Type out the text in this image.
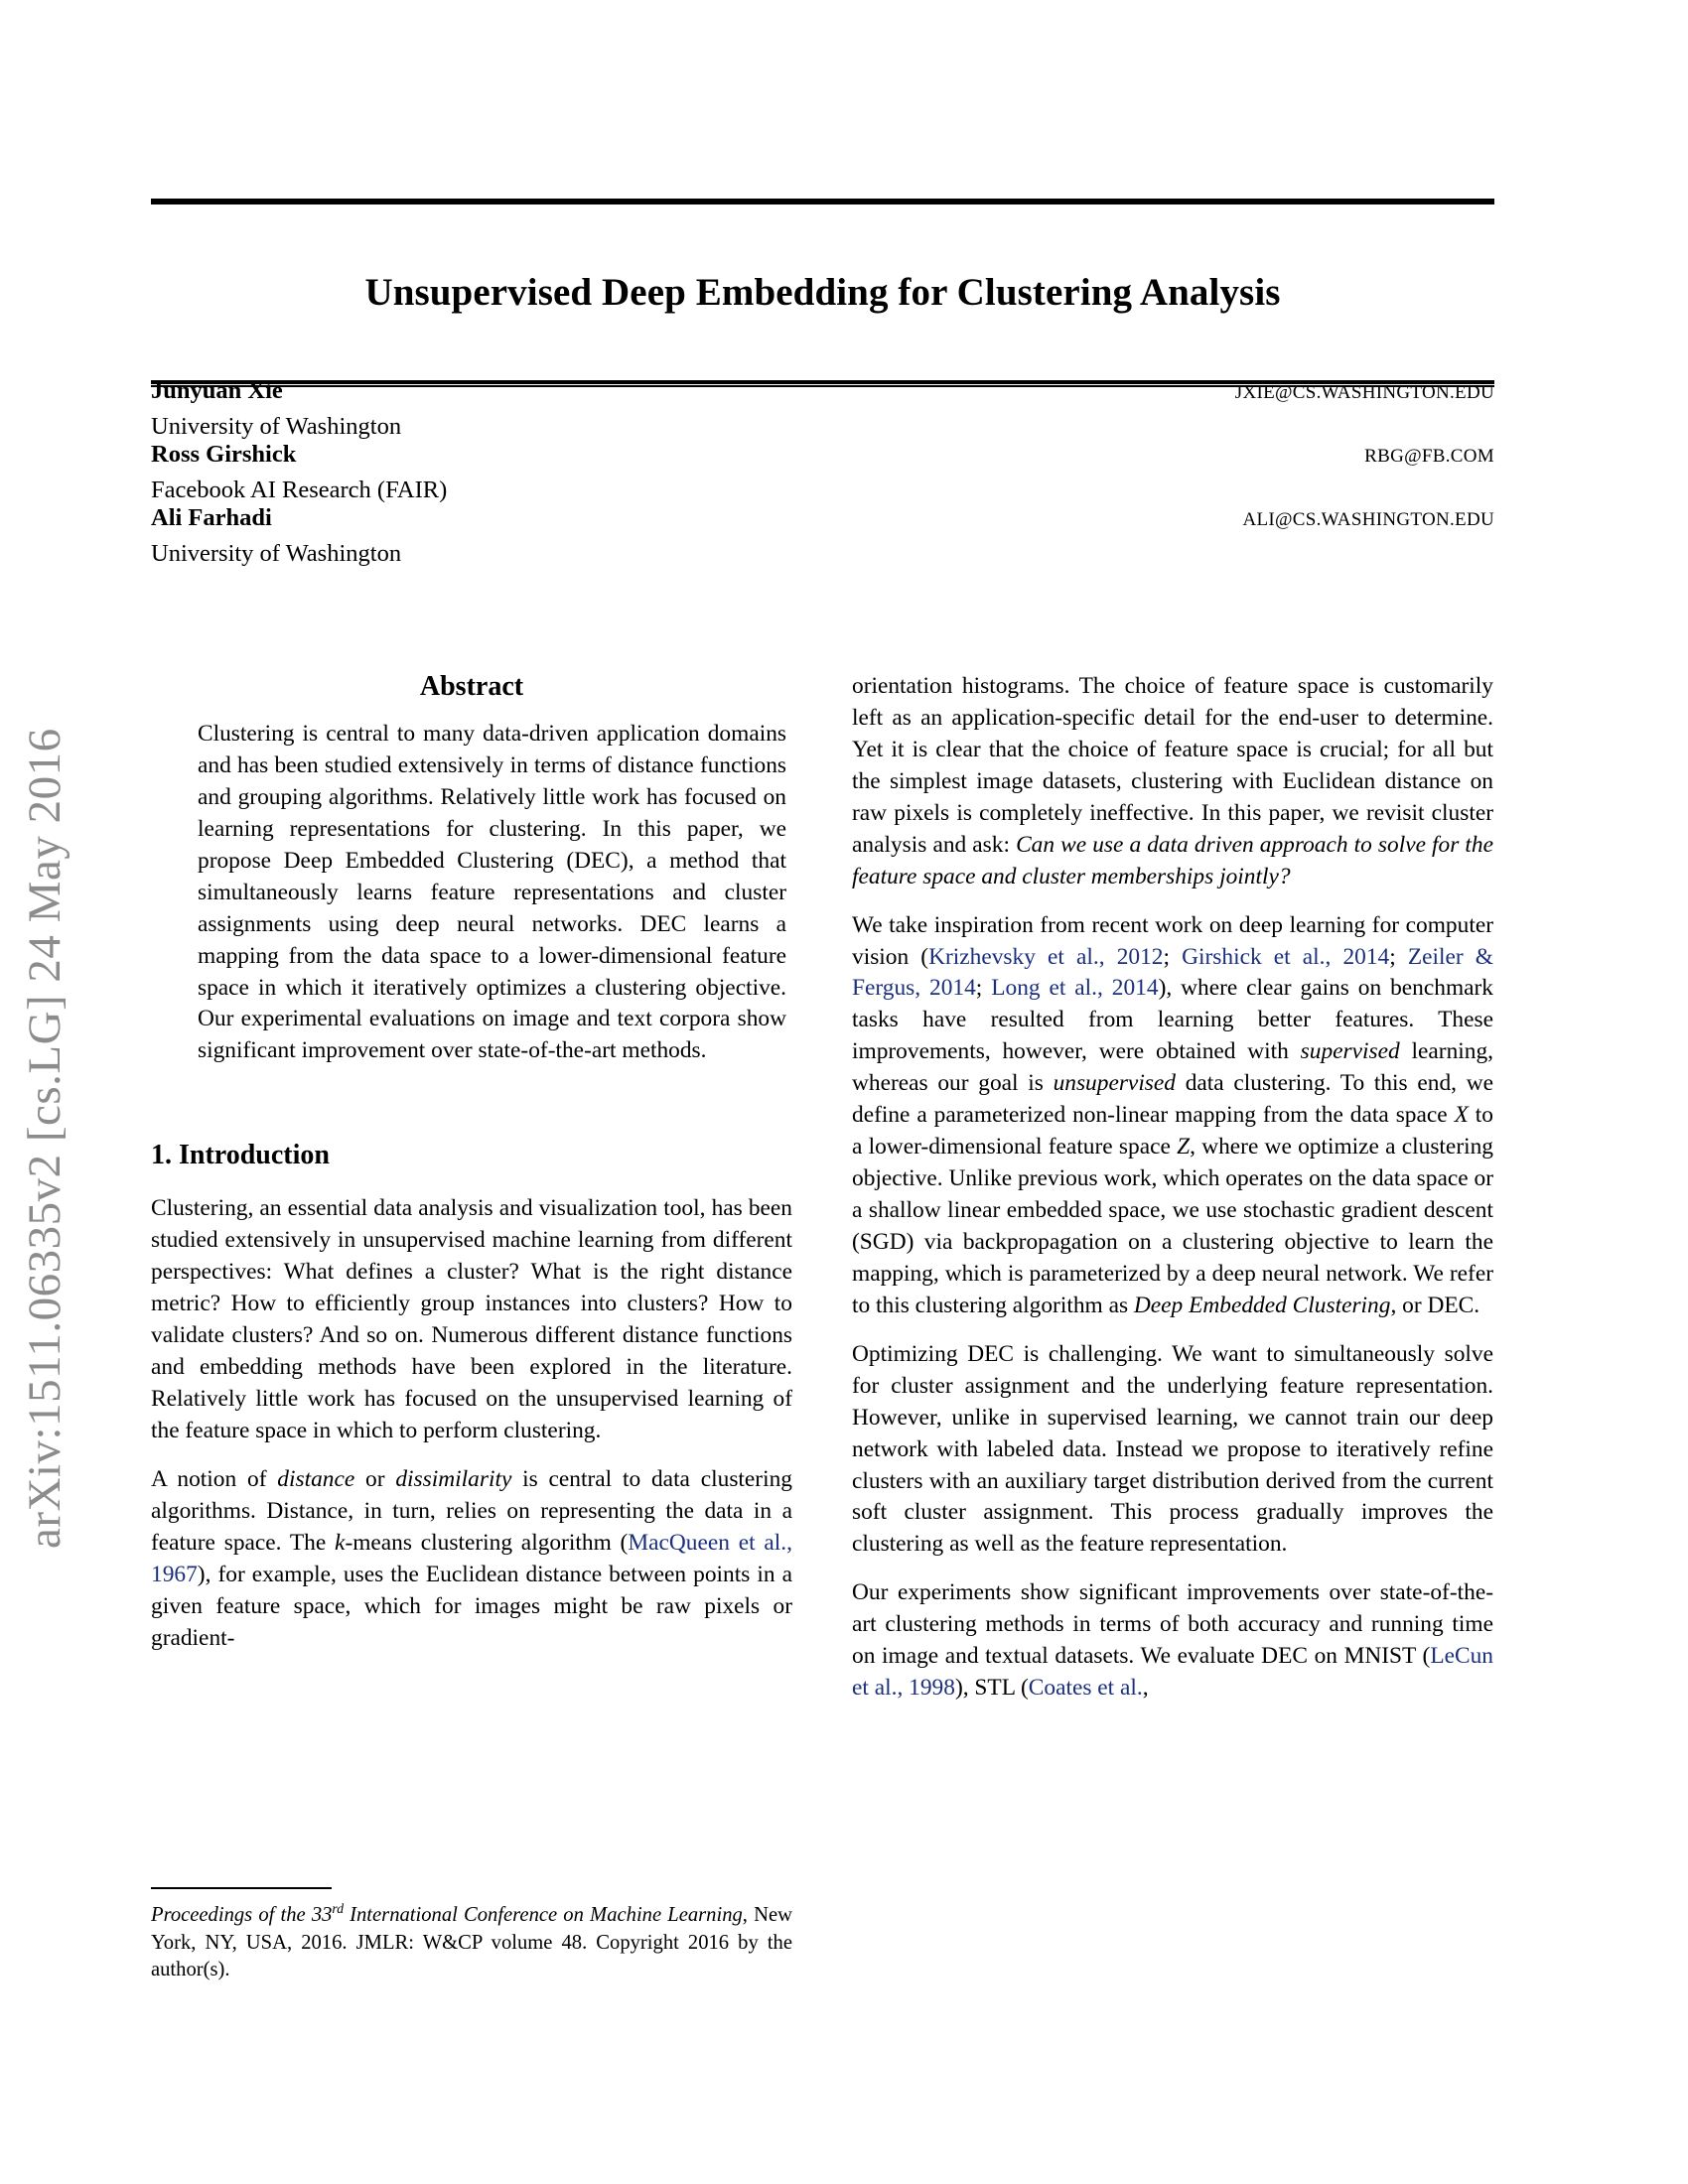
arXiv:1511.06335v2 [cs.LG] 24 May 2016
Unsupervised Deep Embedding for Clustering Analysis
Junyuan Xie	JXIE@CS.WASHINGTON.EDU
University of Washington
Ross Girshick	RBG@FB.COM
Facebook AI Research (FAIR)
Ali Farhadi	ALI@CS.WASHINGTON.EDU
University of Washington
Abstract
Clustering is central to many data-driven application domains and has been studied extensively in terms of distance functions and grouping algorithms. Relatively little work has focused on learning representations for clustering. In this paper, we propose Deep Embedded Clustering (DEC), a method that simultaneously learns feature representations and cluster assignments using deep neural networks. DEC learns a mapping from the data space to a lower-dimensional feature space in which it iteratively optimizes a clustering objective. Our experimental evaluations on image and text corpora show significant improvement over state-of-the-art methods.
1. Introduction

Clustering, an essential data analysis and visualization tool, has been studied extensively in unsupervised machine learning from different perspectives: What defines a cluster? What is the right distance metric? How to efficiently group instances into clusters? How to validate clusters? And so on. Numerous different distance functions and embedding methods have been explored in the literature. Relatively little work has focused on the unsupervised learning of the feature space in which to perform clustering.

A notion of distance or dissimilarity is central to data clustering algorithms. Distance, in turn, relies on representing the data in a feature space. The k-means clustering algorithm (MacQueen et al., 1967), for example, uses the Euclidean distance between points in a given feature space, which for images might be raw pixels or gradient-

Proceedings of the 33rd International Conference on Machine Learning, New York, NY, USA, 2016. JMLR: W&CP volume 48. Copyright 2016 by the author(s).

orientation histograms. The choice of feature space is customarily left as an application-specific detail for the end-user to determine. Yet it is clear that the choice of feature space is crucial; for all but the simplest image datasets, clustering with Euclidean distance on raw pixels is completely ineffective. In this paper, we revisit cluster analysis and ask: Can we use a data driven approach to solve for the feature space and cluster memberships jointly?

We take inspiration from recent work on deep learning for computer vision (Krizhevsky et al., 2012; Girshick et al., 2014; Zeiler & Fergus, 2014; Long et al., 2014), where clear gains on benchmark tasks have resulted from learning better features. These improvements, however, were obtained with supervised learning, whereas our goal is unsupervised data clustering. To this end, we define a parameterized non-linear mapping from the data space X to a lower-dimensional feature space Z, where we optimize a clustering objective. Unlike previous work, which operates on the data space or a shallow linear embedded space, we use stochastic gradient descent (SGD) via backpropagation on a clustering objective to learn the mapping, which is parameterized by a deep neural network. We refer to this clustering algorithm as Deep Embedded Clustering, or DEC.

Optimizing DEC is challenging. We want to simultaneously solve for cluster assignment and the underlying feature representation. However, unlike in supervised learning, we cannot train our deep network with labeled data. Instead we propose to iteratively refine clusters with an auxiliary target distribution derived from the current soft cluster assignment. This process gradually improves the clustering as well as the feature representation.

Our experiments show significant improvements over state-of-the-art clustering methods in terms of both accuracy and running time on image and textual datasets. We evaluate DEC on MNIST (LeCun et al., 1998), STL (Coates et al.,
